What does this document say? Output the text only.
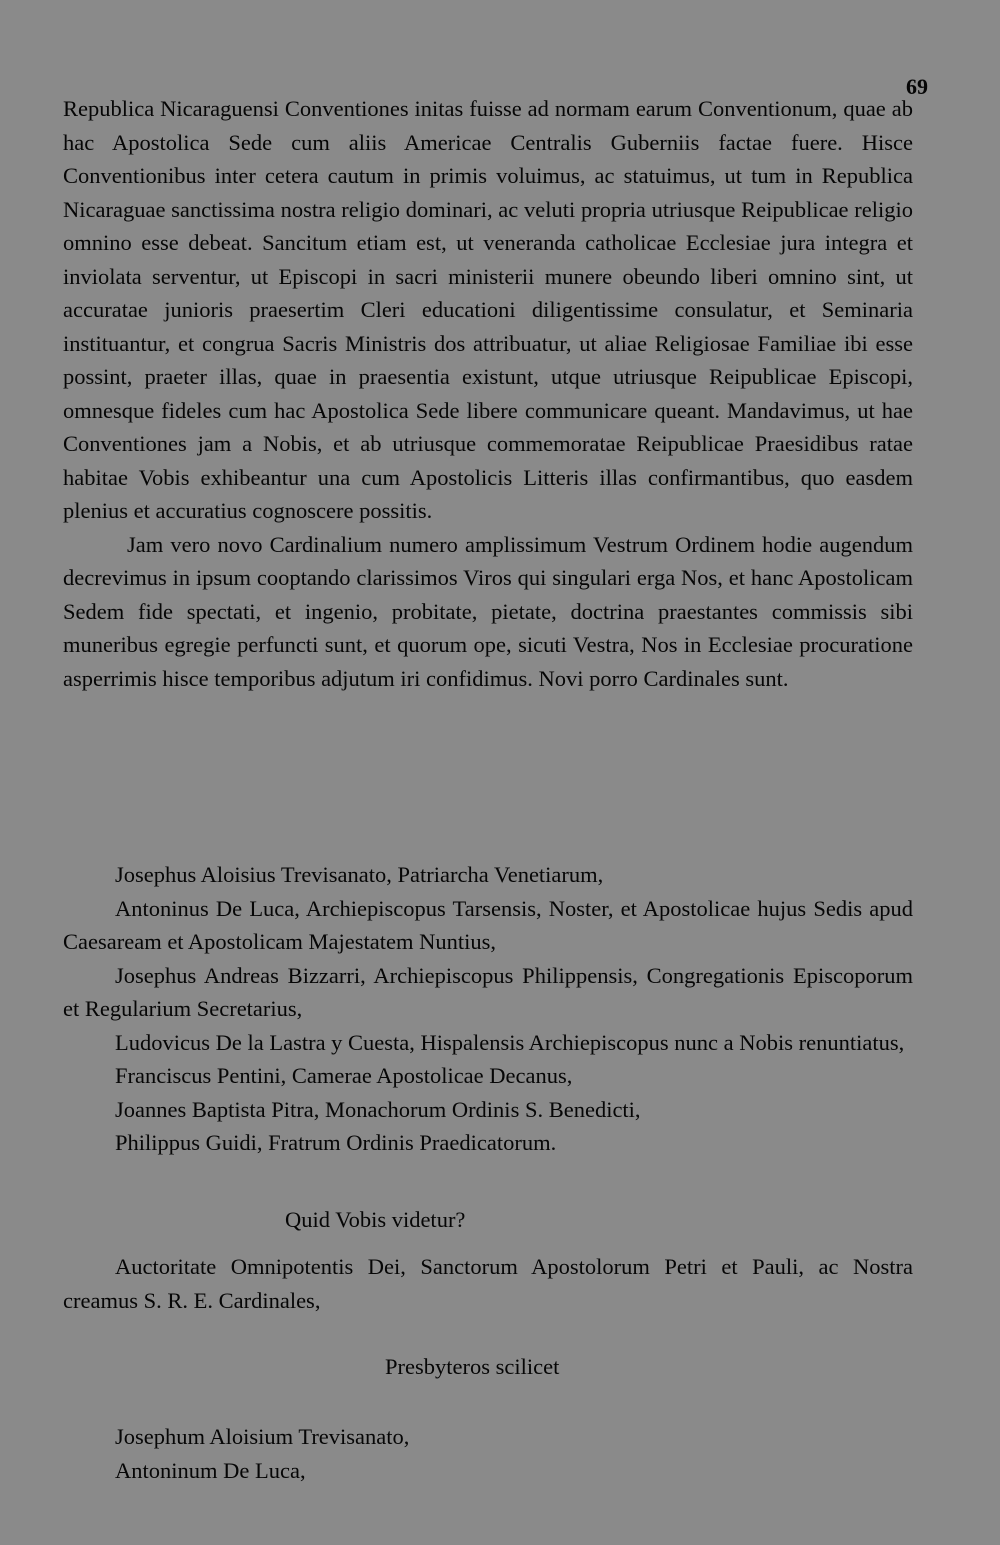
69

Republica Nicaraguensi Conventiones initas fuisse ad normam earum Conventionum, quae ab hac Apostolica Sede cum aliis Americae Centralis Guberniis factae fuere. Hisce Conventionibus inter cetera cautum in primis voluimus, ac statuimus, ut tum in Republica Nicaraguae sanctissima nostra religio dominari, ac veluti propria utriusque Reipublicae religio omnino esse debeat. Sancitum etiam est, ut veneranda catholicae Ecclesiae jura integra et inviolata serventur, ut Episcopi in sacri ministerii munere obeundo liberi omnino sint, ut accuratae junioris praesertim Cleri educationi diligentissime consulatur, et Seminaria instituantur, et congrua Sacris Ministris dos attribuatur, ut aliae Religiosae Familiae ibi esse possint, praeter illas, quae in praesentia existunt, utque utriusque Reipublicae Episcopi, omnesque fideles cum hac Apostolica Sede libere communicare queant. Mandavimus, ut hae Conventiones jam a Nobis, et ab utriusque commemoratae Reipublicae Praesidibus ratae habitae Vobis exhibeantur una cum Apostolicis Litteris illas confirmantibus, quo easdem plenius et accuratius cognoscere possitis.

Jam vero novo Cardinalium numero amplissimum Vestrum Ordinem hodie augendum decrevimus in ipsum cooptando clarissimos Viros qui singulari erga Nos, et hanc Apostolicam Sedem fide spectati, et ingenio, probitate, pietate, doctrina praestantes commissis sibi muneribus egregie perfuncti sunt, et quorum ope, sicuti Vestra, Nos in Ecclesiae procuratione asperrimis hisce temporibus adjutum iri confidimus. Novi porro Cardinales sunt.

Josephus Aloisius Trevisanato, Patriarcha Venetiarum,
Antoninus De Luca, Archiepiscopus Tarsensis, Noster, et Apostolicae hujus Sedis apud Caesaream et Apostolicam Majestatem Nuntius,
Josephus Andreas Bizzarri, Archiepiscopus Philippensis, Congregationis Episcoporum et Regularium Secretarius,
Ludovicus De la Lastra y Cuesta, Hispalensis Archiepiscopus nunc a Nobis renuntiatus,
Franciscus Pentini, Camerae Apostolicae Decanus,
Joannes Baptista Pitra, Monachorum Ordinis S. Benedicti,
Philippus Guidi, Fratrum Ordinis Praedicatorum.
Quid Vobis videtur?
Auctoritate Omnipotentis Dei, Sanctorum Apostolorum Petri et Pauli, ac Nostra creamus S. R. E. Cardinales,
Presbyteros scilicet
Josephum Aloisium Trevisanato,
Antoninum De Luca,
